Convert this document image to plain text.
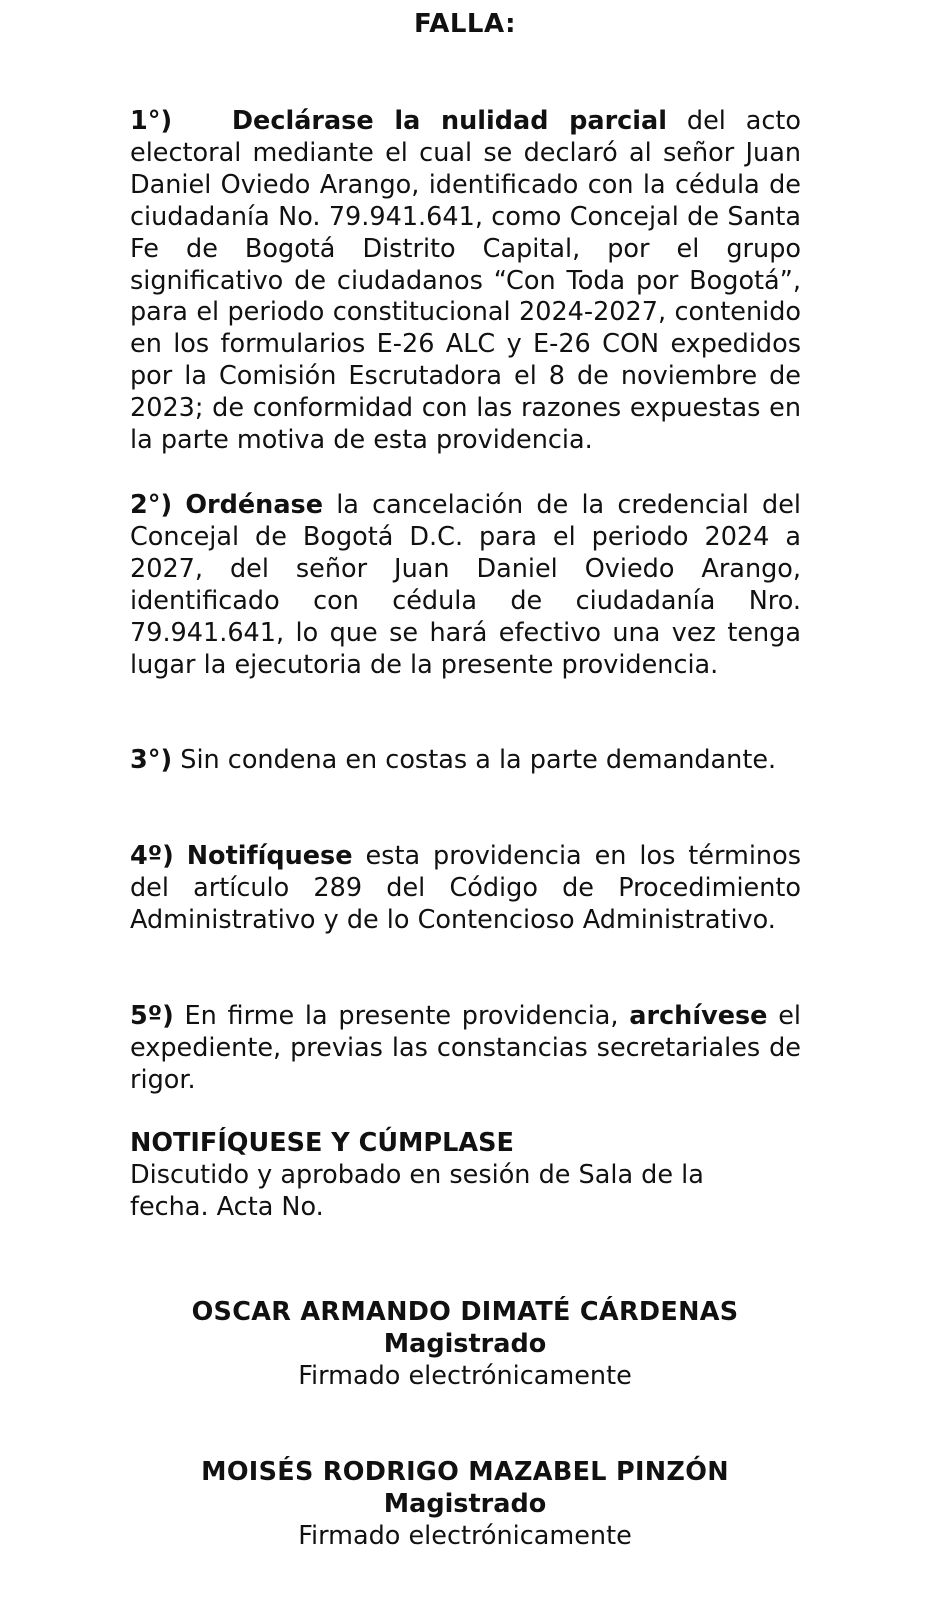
FALLA:

1°) Declárase la nulidad parcial del acto electoral mediante el cual se declaró al señor Juan Daniel Oviedo Arango, identificado con la cédula de ciudadanía No. 79.941.641, como Concejal de Santa Fe de Bogotá Distrito Capital, por el grupo significativo de ciudadanos “Con Toda por Bogotá”, para el periodo constitucional 2024-2027, contenido en los formularios E-26 ALC y E-26 CON expedidos por la Comisión Escrutadora el 8 de noviembre de 2023; de conformidad con las razones expuestas en la parte motiva de esta providencia.

2°) Ordénase la cancelación de la credencial del Concejal de Bogotá D.C. para el periodo 2024 a 2027, del señor Juan Daniel Oviedo Arango, identificado con cédula de ciudadanía Nro. 79.941.641, lo que se hará efectivo una vez tenga lugar la ejecutoria de la presente providencia.

3°) Sin condena en costas a la parte demandante.

4º) Notifíquese esta providencia en los términos del artículo 289 del Código de Procedimiento Administrativo y de lo Contencioso Administrativo.

5º) En firme la presente providencia, archívese el expediente, previas las constancias secretariales de rigor.

NOTIFÍQUESE Y CÚMPLASE
Discutido y aprobado en sesión de Sala de la fecha. Acta No.
OSCAR ARMANDO DIMATÉ CÁRDENAS
Magistrado
Firmado electrónicamente
MOISÉS RODRIGO MAZABEL PINZÓN
Magistrado
Firmado electrónicamente
